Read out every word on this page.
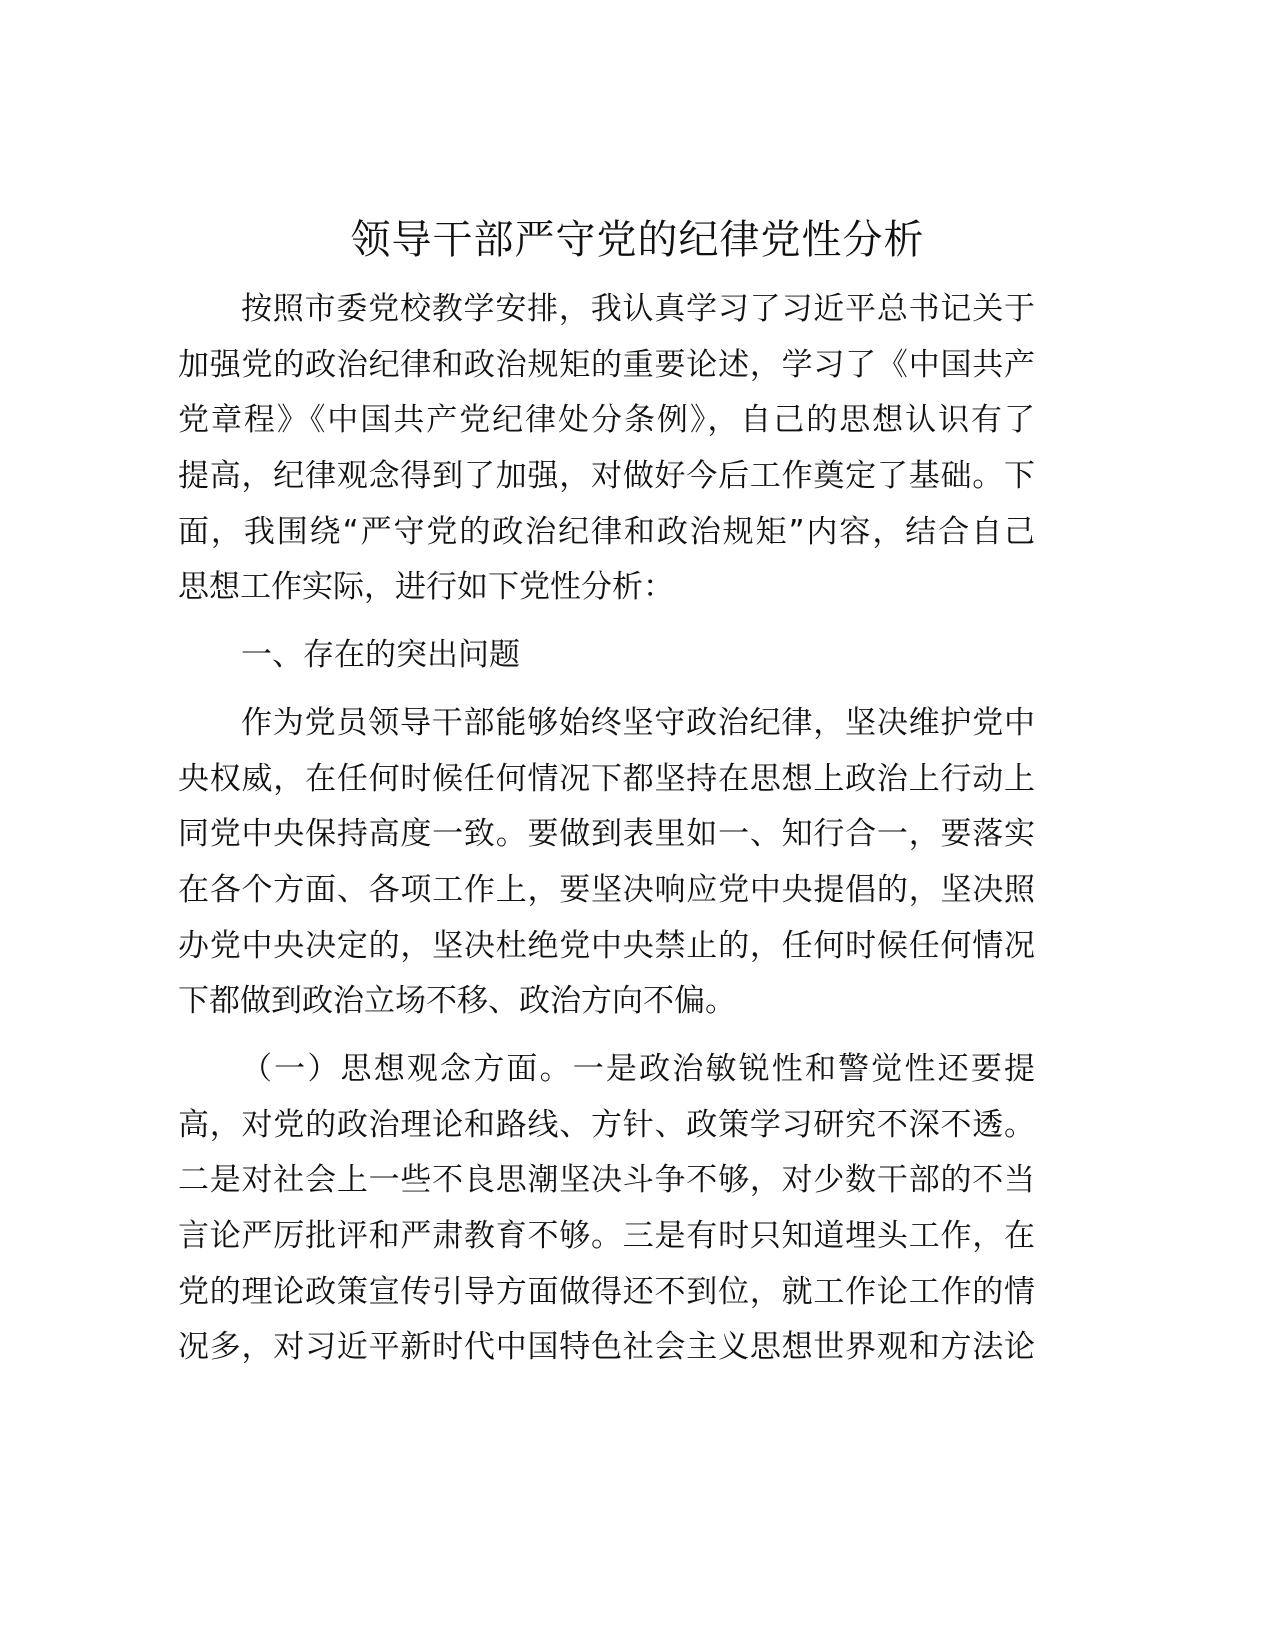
领导干部严守党的纪律党性分析
按照市委党校教学安排，我认真学习了习近平总书记关于
加强党的政治纪律和政治规矩的重要论述，学习了《中国共产
党章程》《中国共产党纪律处分条例》，自己的思想认识有了
提高，纪律观念得到了加强，对做好今后工作奠定了基础。下
面，我围绕“严守党的政治纪律和政治规矩”内容，结合自己
思想工作实际，进行如下党性分析：
一、存在的突出问题
作为党员领导干部能够始终坚守政治纪律，坚决维护党中
央权威，在任何时候任何情况下都坚持在思想上政治上行动上
同党中央保持高度一致。要做到表里如一、知行合一，要落实
在各个方面、各项工作上，要坚决响应党中央提倡的，坚决照
办党中央决定的，坚决杜绝党中央禁止的，任何时候任何情况
下都做到政治立场不移、政治方向不偏。
（一）思想观念方面。一是政治敏锐性和警觉性还要提
高，对党的政治理论和路线、方针、政策学习研究不深不透。
二是对社会上一些不良思潮坚决斗争不够，对少数干部的不当
言论严厉批评和严肃教育不够。三是有时只知道埋头工作，在
党的理论政策宣传引导方面做得还不到位，就工作论工作的情
况多，对习近平新时代中国特色社会主义思想世界观和方法论
